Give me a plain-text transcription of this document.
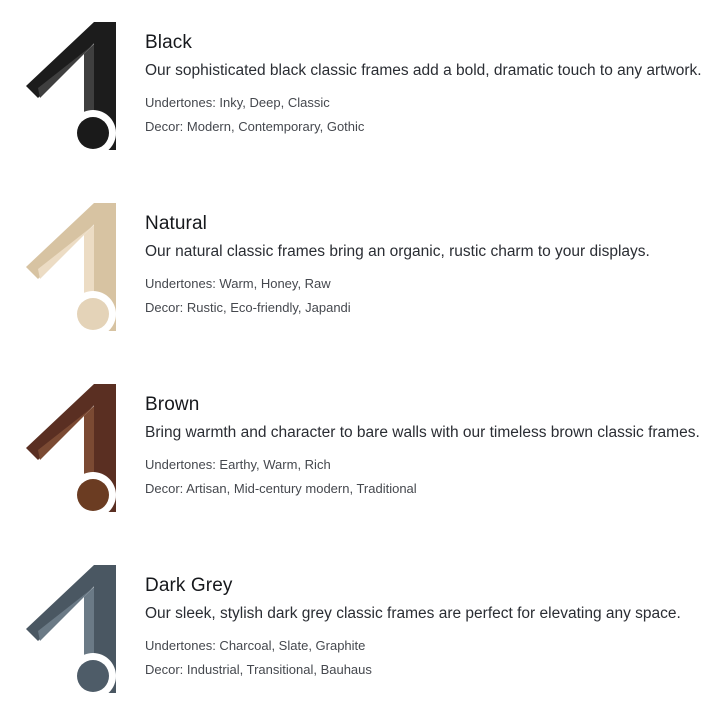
Black

Our sophisticated black classic frames add a bold, dramatic touch to any artwork.

Undertones: Inky, Deep, Classic

Decor: Modern, Contemporary, Gothic

Natural

Our natural classic frames bring an organic, rustic charm to your displays.

Undertones: Warm, Honey, Raw

Decor: Rustic, Eco-friendly, Japandi

Brown

Bring warmth and character to bare walls with our timeless brown classic frames.

Undertones: Earthy, Warm, Rich

Decor: Artisan, Mid-century modern, Traditional

Dark Grey

Our sleek, stylish dark grey classic frames are perfect for elevating any space.

Undertones: Charcoal, Slate, Graphite

Decor: Industrial, Transitional, Bauhaus
